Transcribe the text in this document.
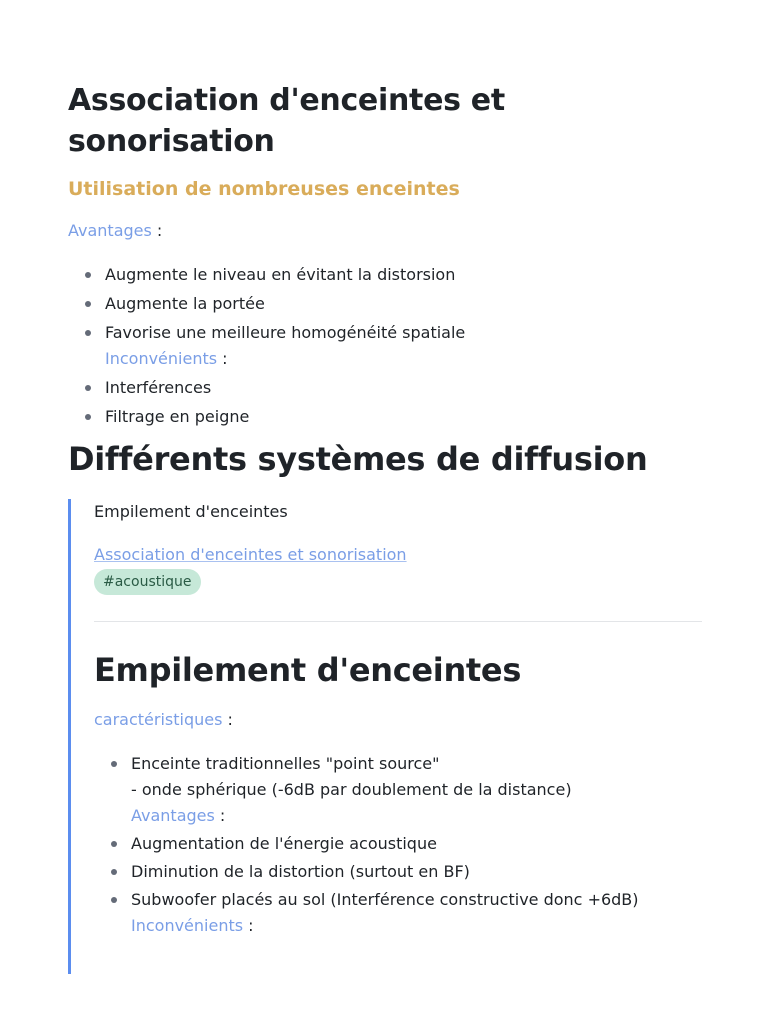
Association d'enceintes et sonorisation
Utilisation de nombreuses enceintes
Avantages :
Augmente le niveau en évitant la distorsion
Augmente la portée
Favorise une meilleure homogénéité spatiale
Inconvénients :
Interférences
Filtrage en peigne
Différents systèmes de diffusion

Empilement d'enceintes

Association d'enceintes et sonorisation
#acoustique
Empilement d'enceintes
caractéristiques :
Enceinte traditionnelles "point source"
- onde sphérique (-6dB par doublement de la distance)
Avantages :
Augmentation de l'énergie acoustique
Diminution de la distortion (surtout en BF)
Subwoofer placés au sol (Interférence constructive donc +6dB)
Inconvénients :
